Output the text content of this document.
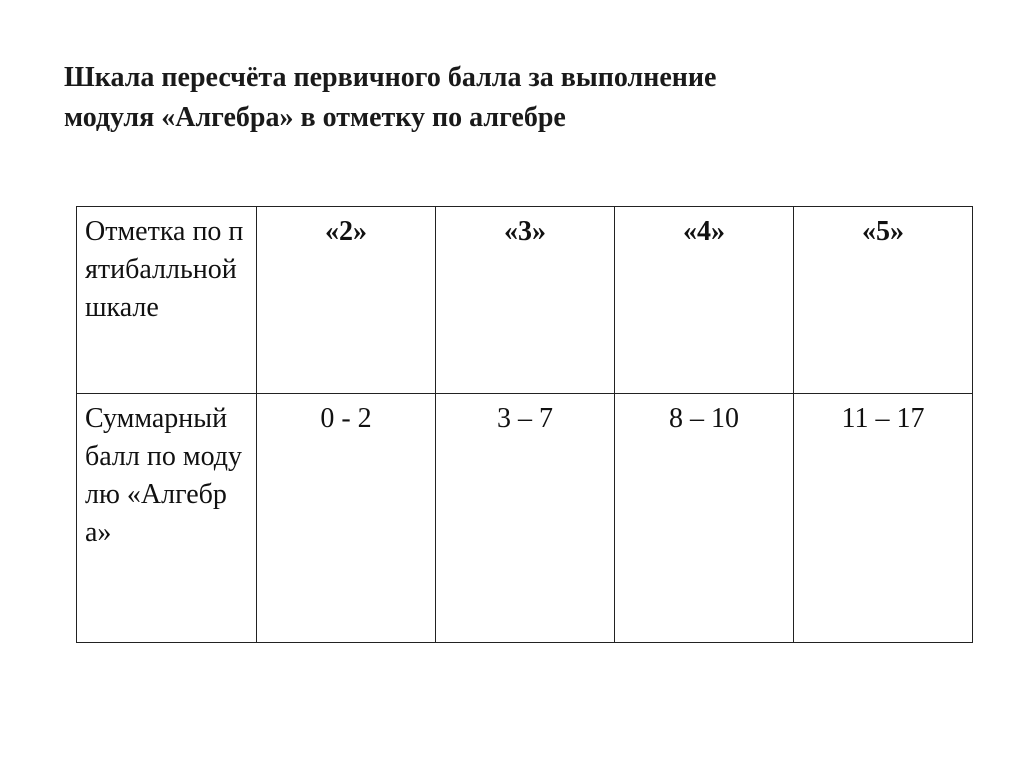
Шкала пересчёта первичного балла за выполнение
модуля «Алгебра» в отметку по алгебре
Отметка по пятибалльной шкале	«2»	«3»	«4»	«5»
Суммарный балл по модулю «Алгебра»	0 - 2	3 – 7	8 – 10	11 – 17
